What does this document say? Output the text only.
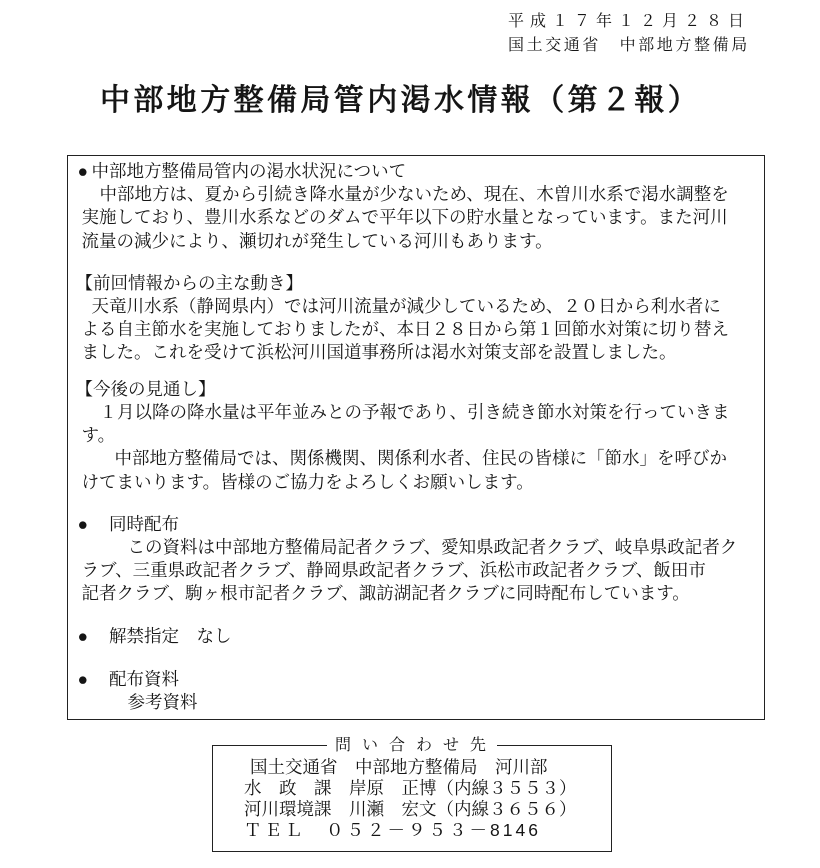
平成１７年１２月２８日
国土交通省　中部地方整備局
中部地方整備局管内渇水情報（第２報）
● 中部地方整備局管内の渇水状況について
中部地方は、夏から引続き降水量が少ないため、現在、木曽川水系で渇水調整を
実施しており、豊川水系などのダムで平年以下の貯水量となっています。また河川
流量の減少により、瀬切れが発生している河川もあります。
【前回情報からの主な動き】
天竜川水系（静岡県内）では河川流量が減少しているため、２０日から利水者に
よる自主節水を実施しておりましたが、本日２８日から第１回節水対策に切り替え
ました。これを受けて浜松河川国道事務所は渇水対策支部を設置しました。
【今後の見通し】
１月以降の降水量は平年並みとの予報であり、引き続き節水対策を行っていきま
す。
中部地方整備局では、関係機関、関係利水者、住民の皆様に「節水」を呼びか
けてまいります。皆様のご協力をよろしくお願いします。
● 同時配布
この資料は中部地方整備局記者クラブ、愛知県政記者クラブ、岐阜県政記者ク
ラブ、三重県政記者クラブ、静岡県政記者クラブ、浜松市政記者クラブ、飯田市
記者クラブ、駒ヶ根市記者クラブ、諏訪湖記者クラブに同時配布しています。
● 解禁指定　なし
● 配布資料
参考資料
問い合わせ先
国土交通省　中部地方整備局　河川部
水　政　課　岸原　正博（内線３５５３）
河川環境課　川瀬　宏文（内線３６５６）
ＴＥＬ　０５２－９５３－8146
